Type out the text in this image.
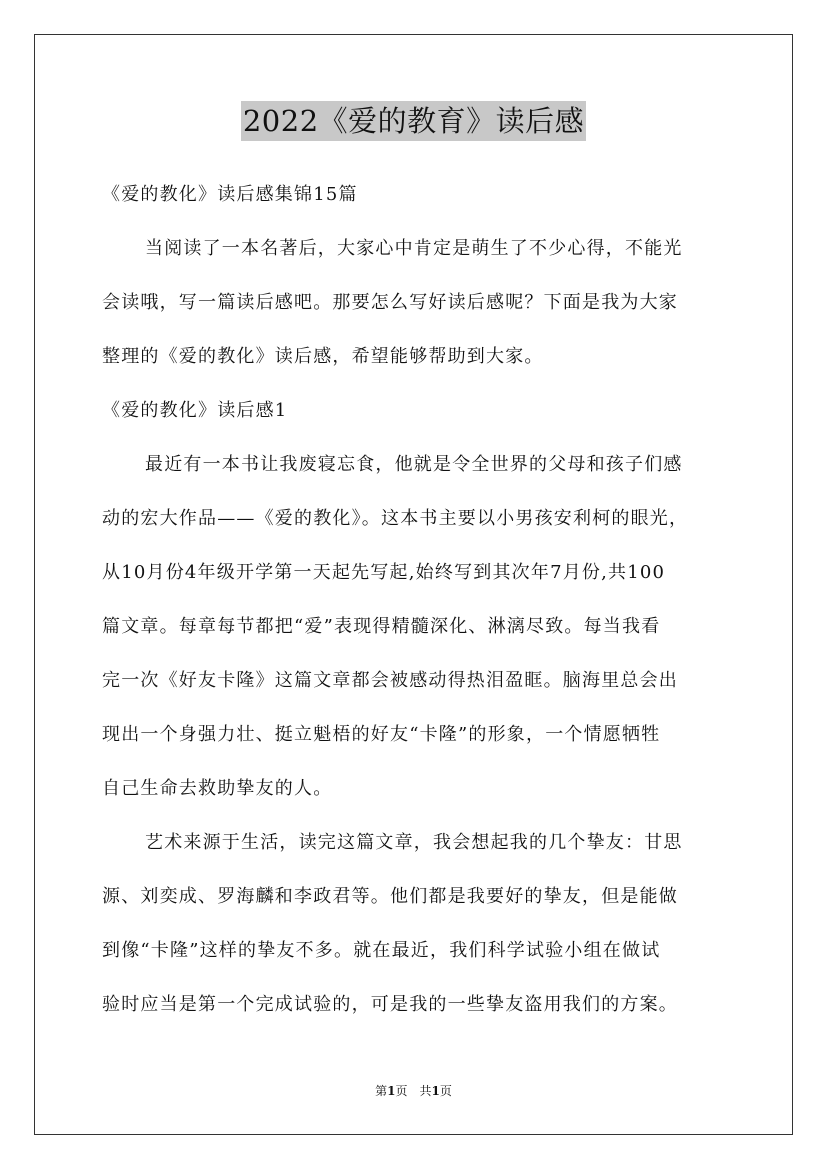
2022《爱的教育》读后感
《爱的教化》读后感集锦15篇
当阅读了一本名著后，大家心中肯定是萌生了不少心得，不能光
会读哦，写一篇读后感吧。那要怎么写好读后感呢？下面是我为大家
整理的《爱的教化》读后感，希望能够帮助到大家。
《爱的教化》读后感1
最近有一本书让我废寝忘食，他就是令全世界的父母和孩子们感
动的宏大作品——《爱的教化》。这本书主要以小男孩安利柯的眼光，
从10月份4年级开学第一天起先写起,始终写到其次年7月份,共100
篇文章。每章每节都把“爱”表现得精髓深化、淋漓尽致。每当我看
完一次《好友卡隆》这篇文章都会被感动得热泪盈眶。脑海里总会出
现出一个身强力壮、挺立魁梧的好友“卡隆”的形象，一个情愿牺牲
自己生命去救助挚友的人。
艺术来源于生活，读完这篇文章，我会想起我的几个挚友：甘思
源、刘奕成、罗海麟和李政君等。他们都是我要好的挚友，但是能做
到像“卡隆”这样的挚友不多。就在最近，我们科学试验小组在做试
验时应当是第一个完成试验的，可是我的一些挚友盗用我们的方案。
第1页　共1页
